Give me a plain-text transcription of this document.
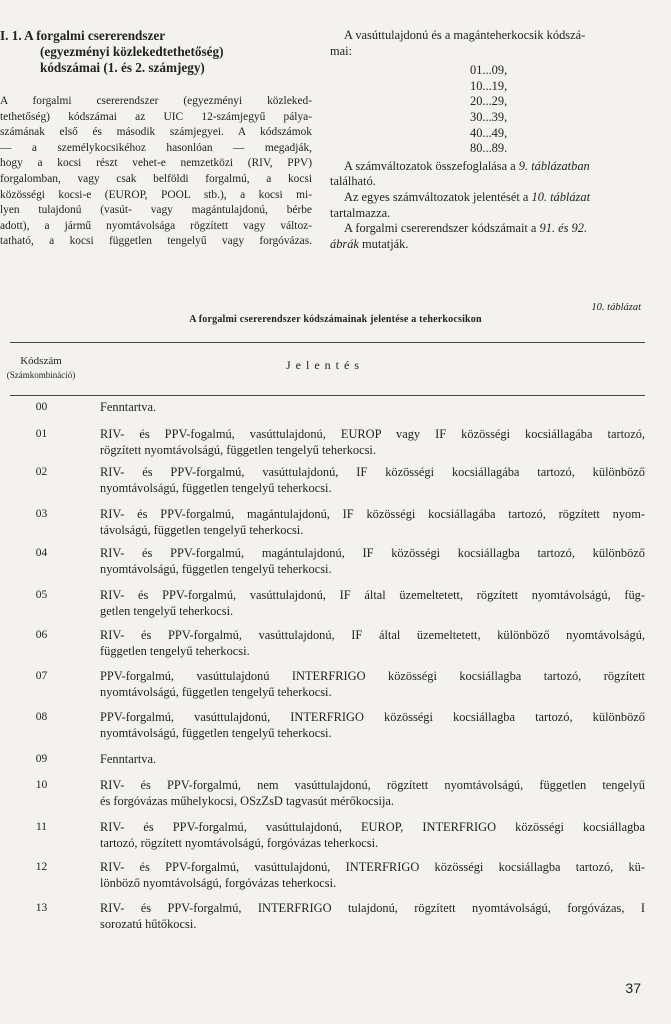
I. 1. A forgalmi csererendszer
(egyezményi közlekedtethetőség)
kódszámai (1. és 2. számjegy)
A forgalmi csererendszer (egyezményi közleked-
tethetőség) kódszámai az UIC 12-számjegyű pálya-
számának első és második számjegyei. A kódszámok
— a személykocsikéhoz hasonlóan — megadják,
hogy a kocsi részt vehet-e nemzetközi (RIV, PPV)
forgalomban, vagy csak belföldi forgalmú, a kocsi
közösségi kocsi-e (EUROP, POOL stb.), a kocsi mi-
lyen tulajdonú (vasút- vagy magántulajdonú, bérbe
adott), a jármű nyomtávolsága rögzített vagy változ-
tatható, a kocsi független tengelyű vagy forgóvázas.

A vasúttulajdonú és a magánteherkocsik kódszá-

mai:

01...09,
10...19,
20...29,
30...39,
40...49,
80...89.

A számváltozatok összefoglalása a 9. táblázatban

található.

Az egyes számváltozatok jelentését a 10. táblázat

tartalmazza.

A forgalmi csererendszer kódszámait a 91. és 92.

ábrák mutatják.

10. táblázat
A forgalmi csererendszer kódszámainak jelentése a teherkocsikon
Kódszám
(Számkombináció)
Jelentés
00	Fenntartva.
01	RIV- és PPV-fogalmú, vasúttulajdonú, EUROP vagy IF közösségi kocsiállagába tartozó,
rögzített nyomtávolságú, független tengelyű teherkocsi.
02	RIV- és PPV-forgalmú, vasúttulajdonú, IF közösségi kocsiállagába tartozó, különböző
nyomtávolságú, független tengelyű teherkocsi.
03	RIV- és PPV-forgalmú, magántulajdonú, IF közösségi kocsiállagába tartozó, rögzített nyom-
távolságú, független tengelyű teherkocsi.
04	RIV- és PPV-forgalmú, magántulajdonú, IF közösségi kocsiállagba tartozó, különböző
nyomtávolságú, független tengelyű teherkocsi.
05	RIV- és PPV-forgalmú, vasúttulajdonú, IF által üzemeltetett, rögzített nyomtávolságú, füg-
getlen tengelyű teherkocsi.
06	RIV- és PPV-forgalmú, vasúttulajdonú, IF által üzemeltetett, különböző nyomtávolságú,
független tengelyű teherkocsi.
07	PPV-forgalmú, vasúttulajdonú INTERFRIGO közösségi kocsiállagba tartozó, rögzített
nyomtávolságú, független tengelyű teherkocsi.
08	PPV-forgalmú, vasúttulajdonú, INTERFRIGO közösségi kocsiállagba tartozó, különböző
nyomtávolságú, független tengelyű teherkocsi.
09	Fenntartva.
10	RIV- és PPV-forgalmú, nem vasúttulajdonú, rögzített nyomtávolságú, független tengelyű
és forgóvázas műhelykocsi, OSzZsD tagvasút mérőkocsija.
11	RIV- és PPV-forgalmú, vasúttulajdonú, EUROP, INTERFRIGO közösségi kocsiállagba
tartozó, rögzített nyomtávolságú, forgóvázas teherkocsi.
12	RIV- és PPV-forgalmú, vasúttulajdonú, INTERFRIGO közösségi kocsiállagba tartozó, kü-
lönböző nyomtávolságú, forgóvázas teherkocsi.
13	RIV- és PPV-forgalmú, INTERFRIGO tulajdonú, rögzített nyomtávolságú, forgóvázas, I
sorozatú hűtőkocsi.
37
